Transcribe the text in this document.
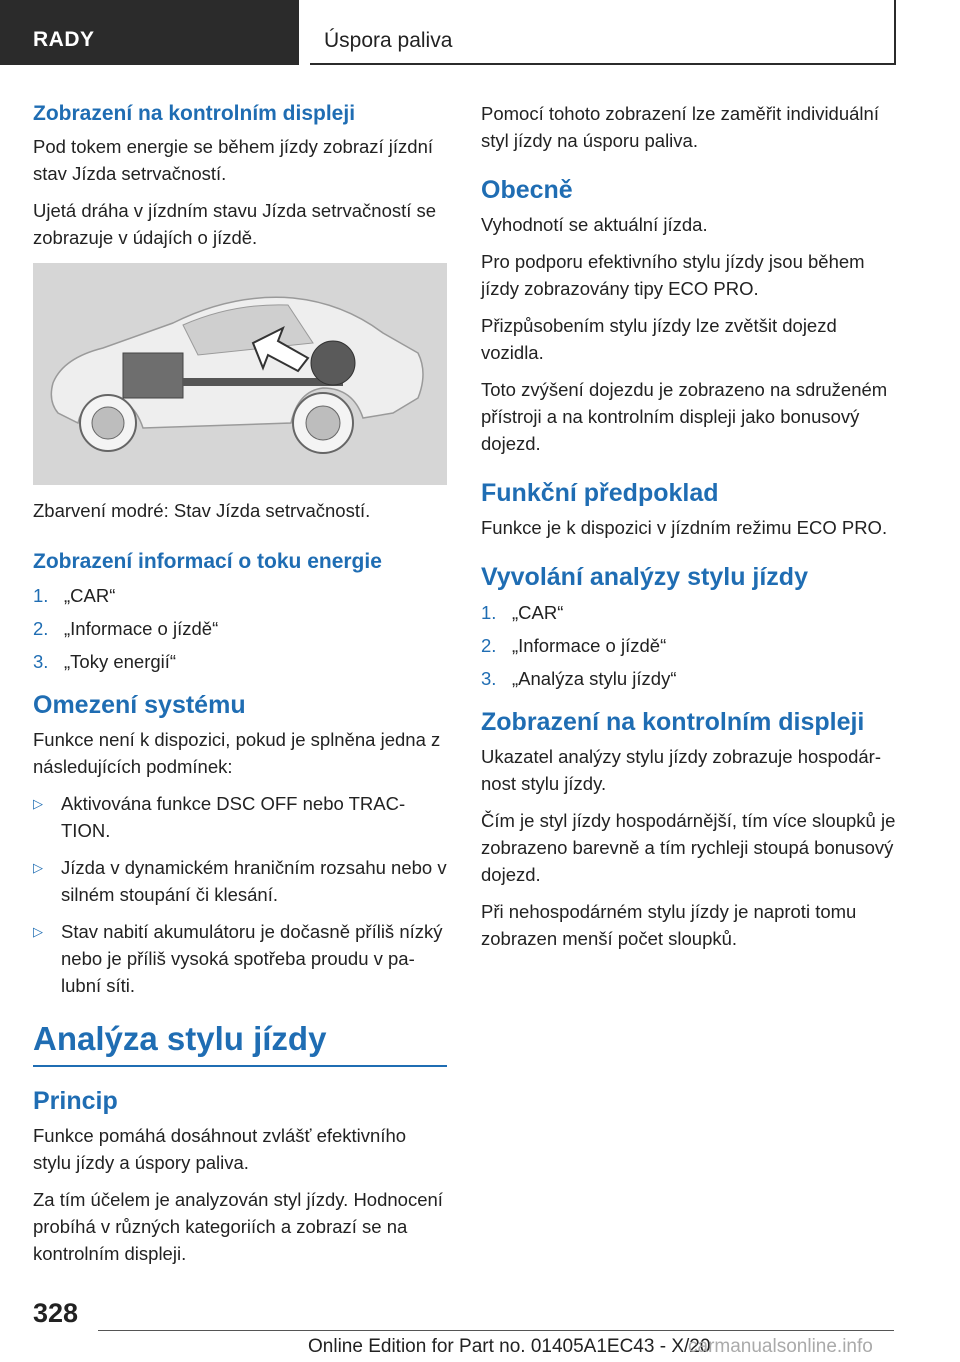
RADY	Úspora paliva
Zobrazení na kontrolním displeji

Pod tokem energie se během jízdy zobrazí jízdní stav Jízda setrvačností.

Ujetá dráha v jízdním stavu Jízda setrvačností se zobrazuje v údajích o jízdě.

Zbarvení modré: Stav Jízda setrvačností.

Zobrazení informací o toku energie
1. „CAR“
2. „Informace o jízdě“
3. „Toky energií“
Omezení systému

Funkce není k dispozici, pokud je splněna jedna z následujících podmínek:

▷ Aktivována funkce DSC OFF nebo TRACTION.
▷ Jízda v dynamickém hraničním rozsahu nebo v silném stoupání či klesání.
▷ Stav nabití akumulátoru je dočasně příliš nízký nebo je příliš vysoká spotřeba proudu v palubní síti.
Analýza stylu jízdy
Princip

Funkce pomáhá dosáhnout zvlášť efektivního stylu jízdy a úspory paliva.

Za tím účelem je analyzován styl jízdy. Hodnocení probíhá v různých kategoriích a zobrazí se na kontrolním displeji.

Pomocí tohoto zobrazení lze zaměřit individuální styl jízdy na úsporu paliva.

Obecně

Vyhodnotí se aktuální jízda.

Pro podporu efektivního stylu jízdy jsou během jízdy zobrazovány tipy ECO PRO.

Přizpůsobením stylu jízdy lze zvětšit dojezd vozidla.

Toto zvýšení dojezdu je zobrazeno na sdruženém přístroji a na kontrolním displeji jako bonusový dojezd.

Funkční předpoklad

Funkce je k dispozici v jízdním režimu ECO PRO.

Vyvolání analýzy stylu jízdy
1. „CAR“
2. „Informace o jízdě“
3. „Analýza stylu jízdy“
Zobrazení na kontrolním displeji

Ukazatel analýzy stylu jízdy zobrazuje hospodárnost stylu jízdy.

Čím je styl jízdy hospodárnější, tím více sloupků je zobrazeno barevně a tím rychleji stoupá bonusový dojezd.

Při nehospodárném stylu jízdy je naproti tomu zobrazen menší počet sloupků.

328
Online Edition for Part no. 01405A1EC43 - X/20
carmanualsonline.info
